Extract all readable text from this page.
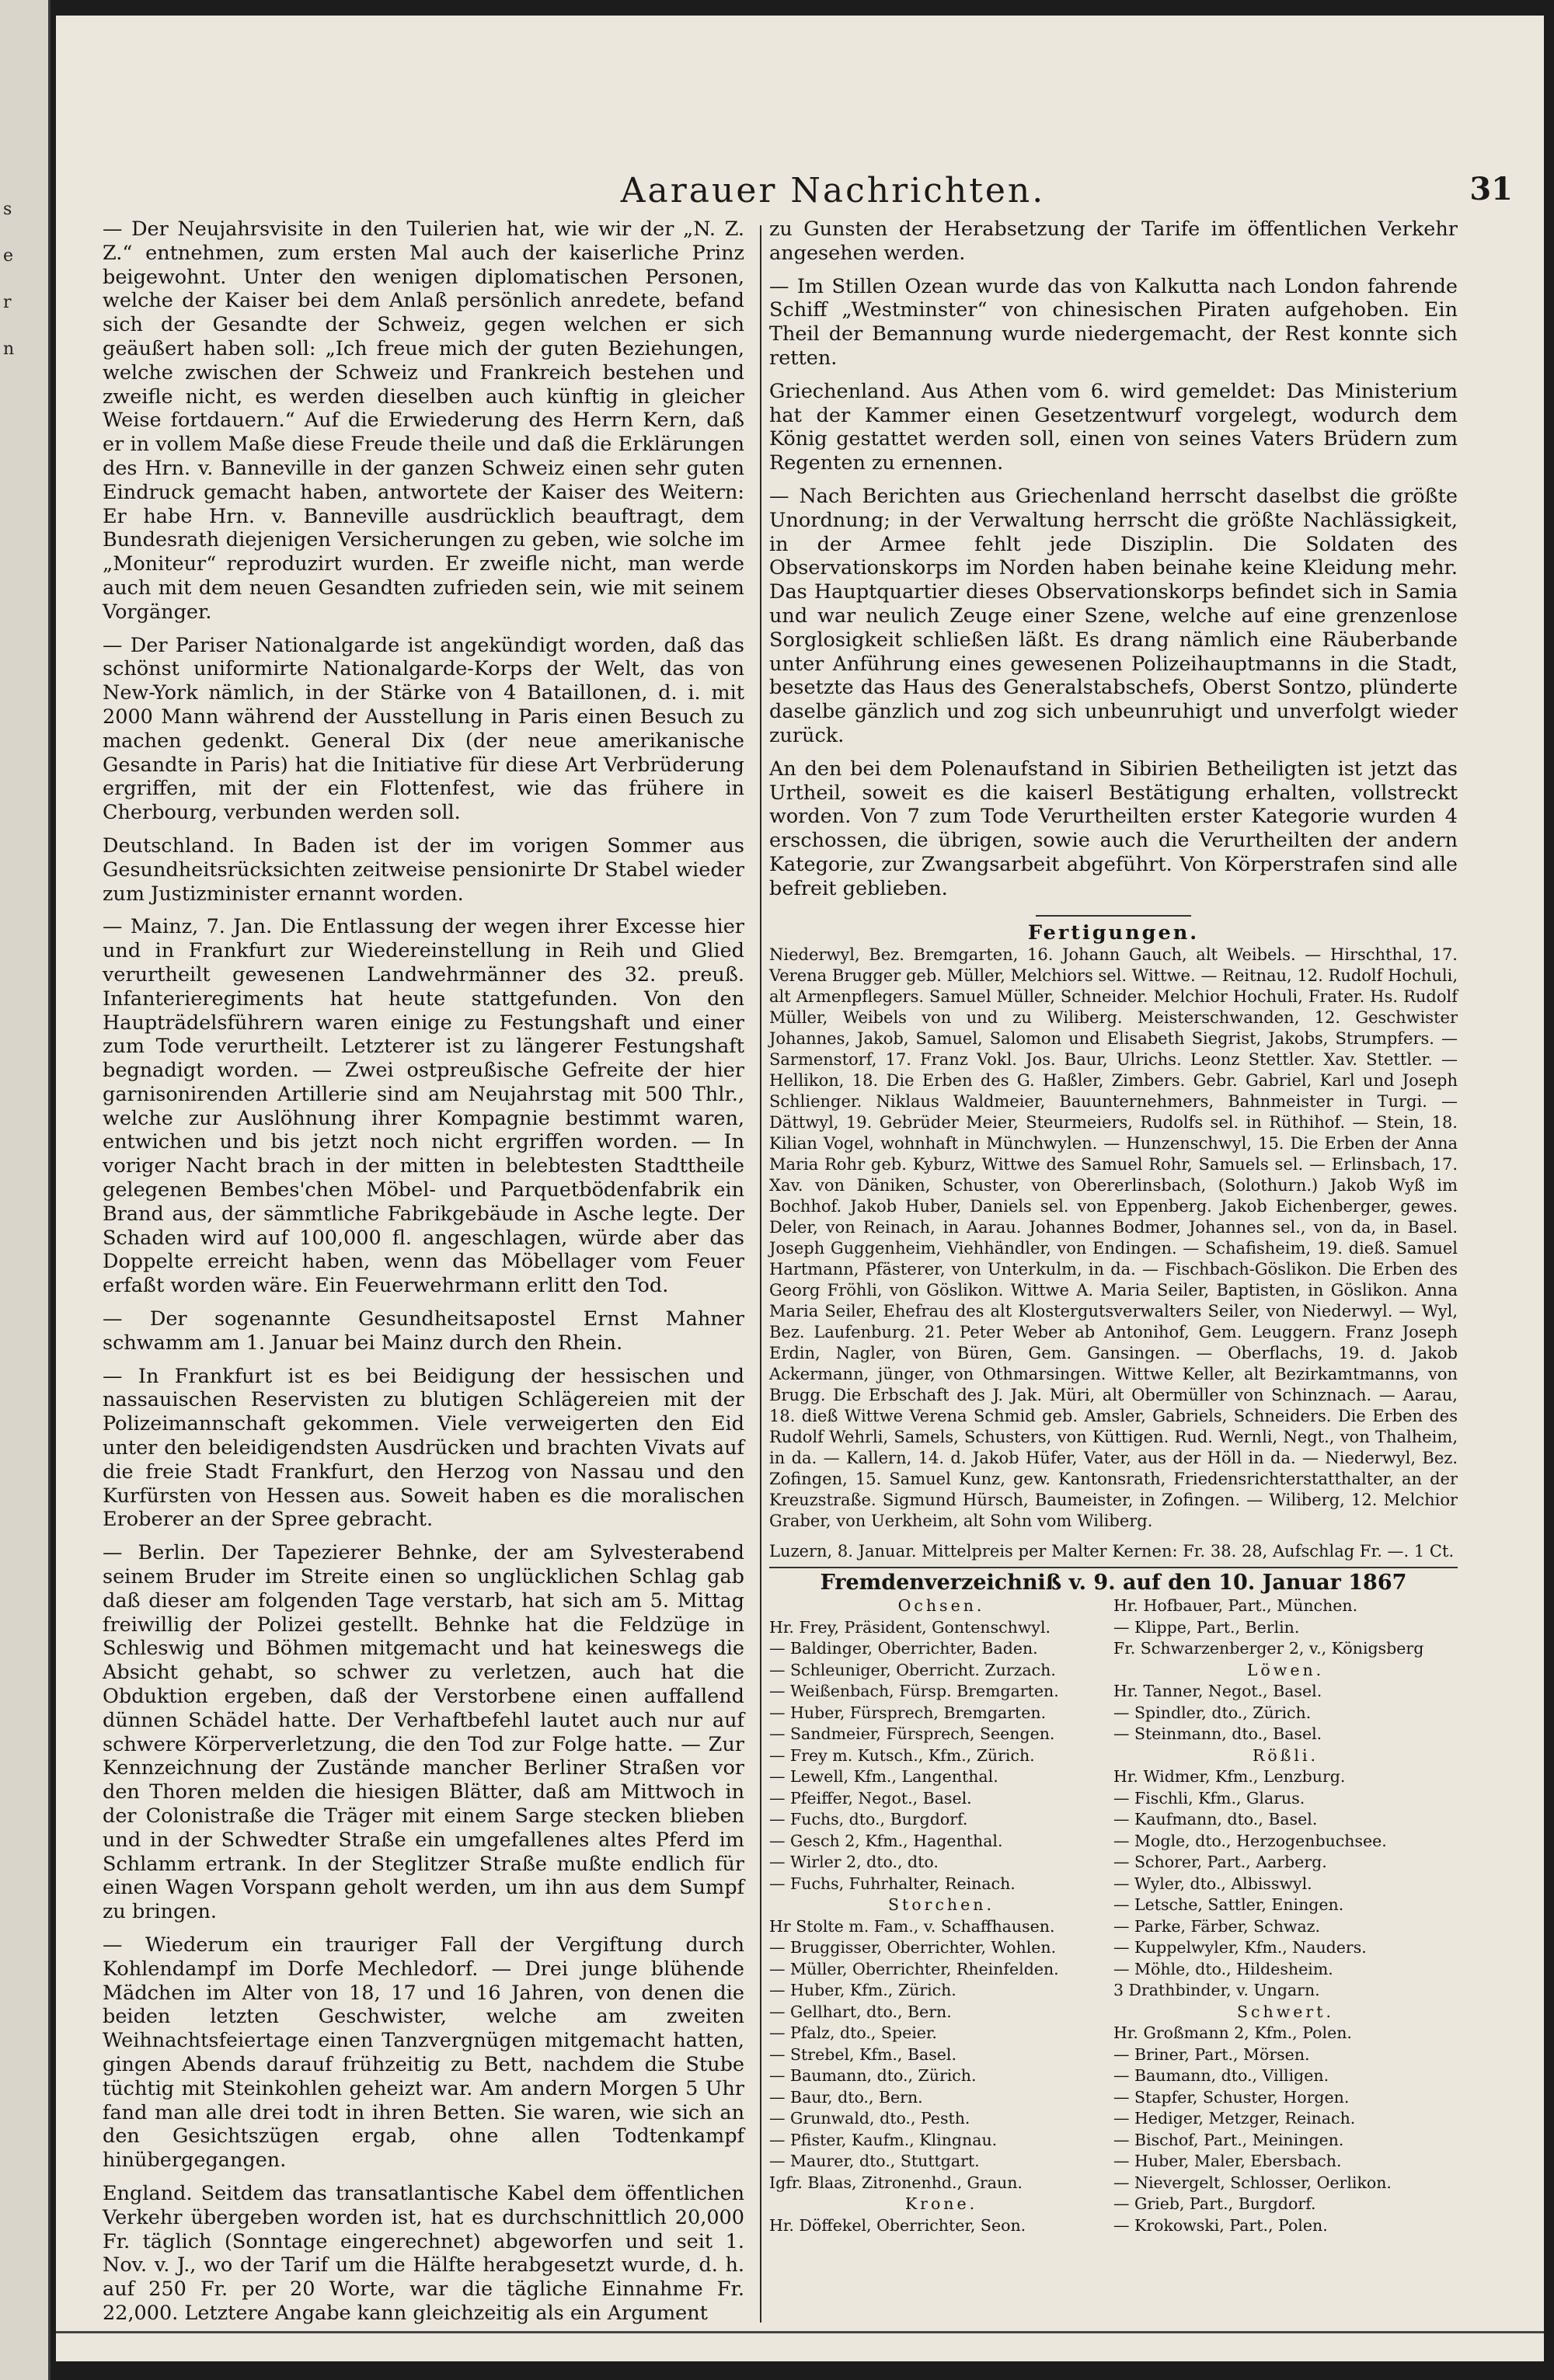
s
e
r
n
Aarauer Nachrichten.	31

— Der Neujahrsvisite in den Tuilerien hat, wie wir der „N. Z. Z.“ entnehmen, zum ersten Mal auch der kaiserliche Prinz beigewohnt. Unter den wenigen diplomatischen Personen, welche der Kaiser bei dem Anlaß persönlich anredete, befand sich der Gesandte der Schweiz, gegen welchen er sich geäußert haben soll: „Ich freue mich der guten Beziehungen, welche zwischen der Schweiz und Frankreich bestehen und zweifle nicht, es werden dieselben auch künftig in gleicher Weise fortdauern.“ Auf die Erwiederung des Herrn Kern, daß er in vollem Maße diese Freude theile und daß die Erklärungen des Hrn. v. Banneville in der ganzen Schweiz einen sehr guten Eindruck gemacht haben, antwortete der Kaiser des Weitern: Er habe Hrn. v. Banneville ausdrücklich beauftragt, dem Bundesrath diejenigen Versicherungen zu geben, wie solche im „Moniteur“ reproduzirt wurden. Er zweifle nicht, man werde auch mit dem neuen Gesandten zufrieden sein, wie mit seinem Vorgänger.

— Der Pariser Nationalgarde ist angekündigt worden, daß das schönst uniformirte Nationalgarde-Korps der Welt, das von New-York nämlich, in der Stärke von 4 Bataillonen, d. i. mit 2000 Mann während der Ausstellung in Paris einen Besuch zu machen gedenkt. General Dix (der neue amerikanische Gesandte in Paris) hat die Initiative für diese Art Verbrüderung ergriffen, mit der ein Flottenfest, wie das frühere in Cherbourg, verbunden werden soll.

Deutschland. In Baden ist der im vorigen Sommer aus Gesundheitsrücksichten zeitweise pensionirte Dr Stabel wieder zum Justizminister ernannt worden.

— Mainz, 7. Jan. Die Entlassung der wegen ihrer Excesse hier und in Frankfurt zur Wiedereinstellung in Reih und Glied verurtheilt gewesenen Landwehrmänner des 32. preuß. Infanterieregiments hat heute stattgefunden. Von den Haupträdelsführern waren einige zu Festungshaft und einer zum Tode verurtheilt. Letzterer ist zu längerer Festungshaft begnadigt worden. — Zwei ostpreußische Gefreite der hier garnisonirenden Artillerie sind am Neujahrstag mit 500 Thlr., welche zur Auslöhnung ihrer Kompagnie bestimmt waren, entwichen und bis jetzt noch nicht ergriffen worden. — In voriger Nacht brach in der mitten in belebtesten Stadttheile gelegenen Bembes'chen Möbel- und Parquetbödenfabrik ein Brand aus, der sämmtliche Fabrikgebäude in Asche legte. Der Schaden wird auf 100,000 fl. angeschlagen, würde aber das Doppelte erreicht haben, wenn das Möbellager vom Feuer erfaßt worden wäre. Ein Feuerwehrmann erlitt den Tod.

— Der sogenannte Gesundheitsapostel Ernst Mahner schwamm am 1. Januar bei Mainz durch den Rhein.

— In Frankfurt ist es bei Beidigung der hessischen und nassauischen Reservisten zu blutigen Schlägereien mit der Polizeimannschaft gekommen. Viele verweigerten den Eid unter den beleidigendsten Ausdrücken und brachten Vivats auf die freie Stadt Frankfurt, den Herzog von Nassau und den Kurfürsten von Hessen aus. Soweit haben es die moralischen Eroberer an der Spree gebracht.

— Berlin. Der Tapezierer Behnke, der am Sylvesterabend seinem Bruder im Streite einen so unglücklichen Schlag gab daß dieser am folgenden Tage verstarb, hat sich am 5. Mittag freiwillig der Polizei gestellt. Behnke hat die Feldzüge in Schleswig und Böhmen mitgemacht und hat keineswegs die Absicht gehabt, so schwer zu verletzen, auch hat die Obduktion ergeben, daß der Verstorbene einen auffallend dünnen Schädel hatte. Der Verhaftbefehl lautet auch nur auf schwere Körperverletzung, die den Tod zur Folge hatte. — Zur Kennzeichnung der Zustände mancher Berliner Straßen vor den Thoren melden die hiesigen Blätter, daß am Mittwoch in der Colonistraße die Träger mit einem Sarge stecken blieben und in der Schwedter Straße ein umgefallenes altes Pferd im Schlamm ertrank. In der Steglitzer Straße mußte endlich für einen Wagen Vorspann geholt werden, um ihn aus dem Sumpf zu bringen.

— Wiederum ein trauriger Fall der Vergiftung durch Kohlendampf im Dorfe Mechledorf. — Drei junge blühende Mädchen im Alter von 18, 17 und 16 Jahren, von denen die beiden letzten Geschwister, welche am zweiten Weihnachtsfeiertage einen Tanzvergnügen mitgemacht hatten, gingen Abends darauf frühzeitig zu Bett, nachdem die Stube tüchtig mit Steinkohlen geheizt war. Am andern Morgen 5 Uhr fand man alle drei todt in ihren Betten. Sie waren, wie sich an den Gesichtszügen ergab, ohne allen Todtenkampf hinübergegangen.

England. Seitdem das transatlantische Kabel dem öffentlichen Verkehr übergeben worden ist, hat es durchschnittlich 20,000 Fr. täglich (Sonntage eingerechnet) abgeworfen und seit 1. Nov. v. J., wo der Tarif um die Hälfte herabgesetzt wurde, d. h. auf 250 Fr. per 20 Worte, war die tägliche Einnahme Fr. 22,000. Letztere Angabe kann gleichzeitig als ein Argument

zu Gunsten der Herabsetzung der Tarife im öffentlichen Verkehr angesehen werden.

— Im Stillen Ozean wurde das von Kalkutta nach London fahrende Schiff „Westminster“ von chinesischen Piraten aufgehoben. Ein Theil der Bemannung wurde niedergemacht, der Rest konnte sich retten.

Griechenland. Aus Athen vom 6. wird gemeldet: Das Ministerium hat der Kammer einen Gesetzentwurf vorgelegt, wodurch dem König gestattet werden soll, einen von seines Vaters Brüdern zum Regenten zu ernennen.

— Nach Berichten aus Griechenland herrscht daselbst die größte Unordnung; in der Verwaltung herrscht die größte Nachlässigkeit, in der Armee fehlt jede Disziplin. Die Soldaten des Observationskorps im Norden haben beinahe keine Kleidung mehr. Das Hauptquartier dieses Observationskorps befindet sich in Samia und war neulich Zeuge einer Szene, welche auf eine grenzenlose Sorglosigkeit schließen läßt. Es drang nämlich eine Räuberbande unter Anführung eines gewesenen Polizeihauptmanns in die Stadt, besetzte das Haus des Generalstabschefs, Oberst Sontzo, plünderte daselbe gänzlich und zog sich unbeunruhigt und unverfolgt wieder zurück.

An den bei dem Polenaufstand in Sibirien Betheiligten ist jetzt das Urtheil, soweit es die kaiserl Bestätigung erhalten, vollstreckt worden. Von 7 zum Tode Verurtheilten erster Kategorie wurden 4 erschossen, die übrigen, sowie auch die Verurtheilten der andern Kategorie, zur Zwangsarbeit abgeführt. Von Körperstrafen sind alle befreit geblieben.

Fertigungen.
Niederwyl, Bez. Bremgarten, 16. Johann Gauch, alt Weibels. — Hirschthal, 17. Verena Brugger geb. Müller, Melchiors sel. Wittwe. — Reitnau, 12. Rudolf Hochuli, alt Armenpflegers. Samuel Müller, Schneider. Melchior Hochuli, Frater. Hs. Rudolf Müller, Weibels von und zu Wiliberg. Meisterschwanden, 12. Geschwister Johannes, Jakob, Samuel, Salomon und Elisabeth Siegrist, Jakobs, Strumpfers. — Sarmenstorf, 17. Franz Vokl. Jos. Baur, Ulrichs. Leonz Stettler. Xav. Stettler. — Hellikon, 18. Die Erben des G. Haßler, Zimbers. Gebr. Gabriel, Karl und Joseph Schlienger. Niklaus Waldmeier, Bauunternehmers, Bahnmeister in Turgi. — Dättwyl, 19. Gebrüder Meier, Steurmeiers, Rudolfs sel. in Rüthihof. — Stein, 18. Kilian Vogel, wohnhaft in Münchwylen. — Hunzenschwyl, 15. Die Erben der Anna Maria Rohr geb. Kyburz, Wittwe des Samuel Rohr, Samuels sel. — Erlinsbach, 17. Xav. von Däniken, Schuster, von Obererlinsbach, (Solothurn.) Jakob Wyß im Bochhof. Jakob Huber, Daniels sel. von Eppenberg. Jakob Eichenberger, gewes. Deler, von Reinach, in Aarau. Johannes Bodmer, Johannes sel., von da, in Basel. Joseph Guggenheim, Viehhändler, von Endingen. — Schafisheim, 19. dieß. Samuel Hartmann, Pfästerer, von Unterkulm, in da. — Fischbach-Göslikon. Die Erben des Georg Fröhli, von Göslikon. Wittwe A. Maria Seiler, Baptisten, in Göslikon. Anna Maria Seiler, Ehefrau des alt Klostergutsverwalters Seiler, von Niederwyl. — Wyl, Bez. Laufenburg. 21. Peter Weber ab Antonihof, Gem. Leuggern. Franz Joseph Erdin, Nagler, von Büren, Gem. Gansingen. — Oberflachs, 19. d. Jakob Ackermann, jünger, von Othmarsingen. Wittwe Keller, alt Bezirkamtmanns, von Brugg. Die Erbschaft des J. Jak. Müri, alt Obermüller von Schinznach. — Aarau, 18. dieß Wittwe Verena Schmid geb. Amsler, Gabriels, Schneiders. Die Erben des Rudolf Wehrli, Samels, Schusters, von Küttigen. Rud. Wernli, Negt., von Thalheim, in da. — Kallern, 14. d. Jakob Hüfer, Vater, aus der Höll in da. — Niederwyl, Bez. Zofingen, 15. Samuel Kunz, gew. Kantonsrath, Friedensrichterstatthalter, an der Kreuzstraße. Sigmund Hürsch, Baumeister, in Zofingen. — Wiliberg, 12. Melchior Graber, von Uerkheim, alt Sohn vom Wiliberg.
Luzern, 8. Januar. Mittelpreis per Malter Kernen: Fr. 38. 28, Aufschlag Fr. —. 1 Ct.
Fremdenverzeichniß v. 9. auf den 10. Januar 1867
Ochsen.
Hr. Frey, Präsident, Gontenschwyl.
— Baldinger, Oberrichter, Baden.
— Schleuniger, Oberricht. Zurzach.
— Weißenbach, Fürsp. Bremgarten.
— Huber, Fürsprech, Bremgarten.
— Sandmeier, Fürsprech, Seengen.
— Frey m. Kutsch., Kfm., Zürich.
— Lewell, Kfm., Langenthal.
— Pfeiffer, Negot., Basel.
— Fuchs, dto., Burgdorf.
— Gesch 2, Kfm., Hagenthal.
— Wirler 2, dto., dto.
— Fuchs, Fuhrhalter, Reinach.
Storchen.
Hr Stolte m. Fam., v. Schaffhausen.
— Bruggisser, Oberrichter, Wohlen.
— Müller, Oberrichter, Rheinfelden.
— Huber, Kfm., Zürich.
— Gellhart, dto., Bern.
— Pfalz, dto., Speier.
— Strebel, Kfm., Basel.
— Baumann, dto., Zürich.
— Baur, dto., Bern.
— Grunwald, dto., Pesth.
— Pfister, Kaufm., Klingnau.
— Maurer, dto., Stuttgart.
Igfr. Blaas, Zitronenhd., Graun.
Krone.
Hr. Döffekel, Oberrichter, Seon.
Hr. Hofbauer, Part., München.
— Klippe, Part., Berlin.
Fr. Schwarzenberger 2, v., Königsberg
Löwen.
Hr. Tanner, Negot., Basel.
— Spindler, dto., Zürich.
— Steinmann, dto., Basel.
Rößli.
Hr. Widmer, Kfm., Lenzburg.
— Fischli, Kfm., Glarus.
— Kaufmann, dto., Basel.
— Mogle, dto., Herzogenbuchsee.
— Schorer, Part., Aarberg.
— Wyler, dto., Albisswyl.
— Letsche, Sattler, Eningen.
— Parke, Färber, Schwaz.
— Kuppelwyler, Kfm., Nauders.
— Möhle, dto., Hildesheim.
3 Drathbinder, v. Ungarn.
Schwert.
Hr. Großmann 2, Kfm., Polen.
— Briner, Part., Mörsen.
— Baumann, dto., Villigen.
— Stapfer, Schuster, Horgen.
— Hediger, Metzger, Reinach.
— Bischof, Part., Meiningen.
— Huber, Maler, Ebersbach.
— Nievergelt, Schlosser, Oerlikon.
— Grieb, Part., Burgdorf.
— Krokowski, Part., Polen.
